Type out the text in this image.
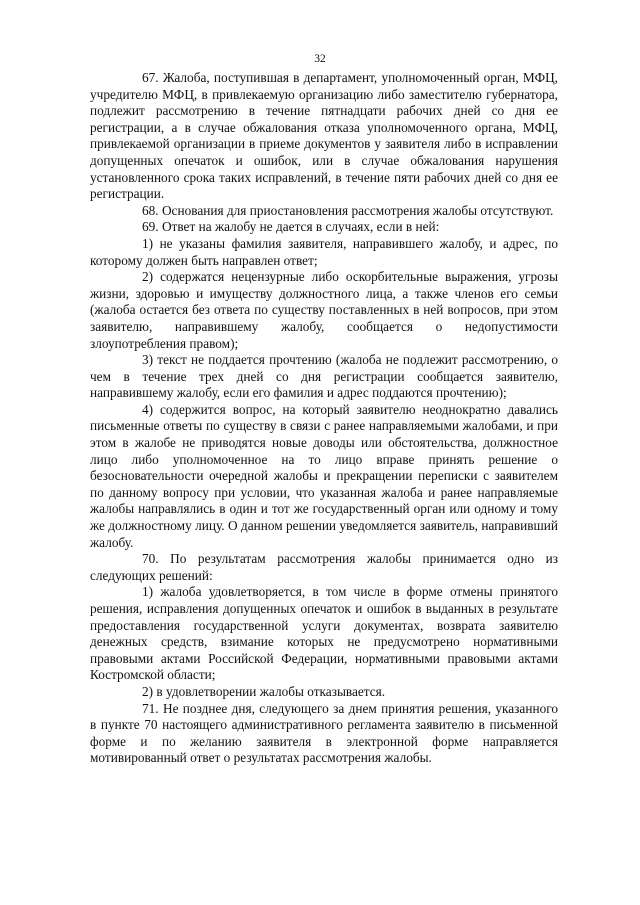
32

67. Жалоба, поступившая в департамент, уполномоченный орган, МФЦ, учредителю МФЦ, в привлекаемую организацию либо заместителю губернатора, подлежит рассмотрению в течение пятнадцати рабочих дней со дня ее регистрации, а в случае обжалования отказа уполномоченного органа, МФЦ, привлекаемой организации в приеме документов у заявителя либо в исправлении допущенных опечаток и ошибок, или в случае обжалования нарушения установленного срока таких исправлений, в течение пяти рабочих дней со дня ее регистрации.

68. Основания для приостановления рассмотрения жалобы отсутствуют.

69. Ответ на жалобу не дается в случаях, если в ней:

1) не указаны фамилия заявителя, направившего жалобу, и адрес, по которому должен быть направлен ответ;

2) содержатся нецензурные либо оскорбительные выражения, угрозы жизни, здоровью и имуществу должностного лица, а также членов его семьи (жалоба остается без ответа по существу поставленных в ней вопросов, при этом заявителю, направившему жалобу, сообщается о недопустимости злоупотребления правом);

3) текст не поддается прочтению (жалоба не подлежит рассмотрению, о чем в течение трех дней со дня регистрации сообщается заявителю, направившему жалобу, если его фамилия и адрес поддаются прочтению);

4) содержится вопрос, на который заявителю неоднократно давались письменные ответы по существу в связи с ранее направляемыми жалобами, и при этом в жалобе не приводятся новые доводы или обстоятельства, должностное лицо либо уполномоченное на то лицо вправе принять решение о безосновательности очередной жалобы и прекращении переписки с заявителем по данному вопросу при условии, что указанная жалоба и ранее направляемые жалобы направлялись в один и тот же государственный орган или одному и тому же должностному лицу. О данном решении уведомляется заявитель, направивший жалобу.

70. По результатам рассмотрения жалобы принимается одно из следующих решений:

1) жалоба удовлетворяется, в том числе в форме отмены принятого решения, исправления допущенных опечаток и ошибок в выданных в результате предоставления государственной услуги документах, возврата заявителю денежных средств, взимание которых не предусмотрено нормативными правовыми актами Российской Федерации, нормативными правовыми актами Костромской области;

2) в удовлетворении жалобы отказывается.

71. Не позднее дня, следующего за днем принятия решения, указанного в пункте 70 настоящего административного регламента заявителю в письменной форме и по желанию заявителя в электронной форме направляется мотивированный ответ о результатах рассмотрения жалобы.
